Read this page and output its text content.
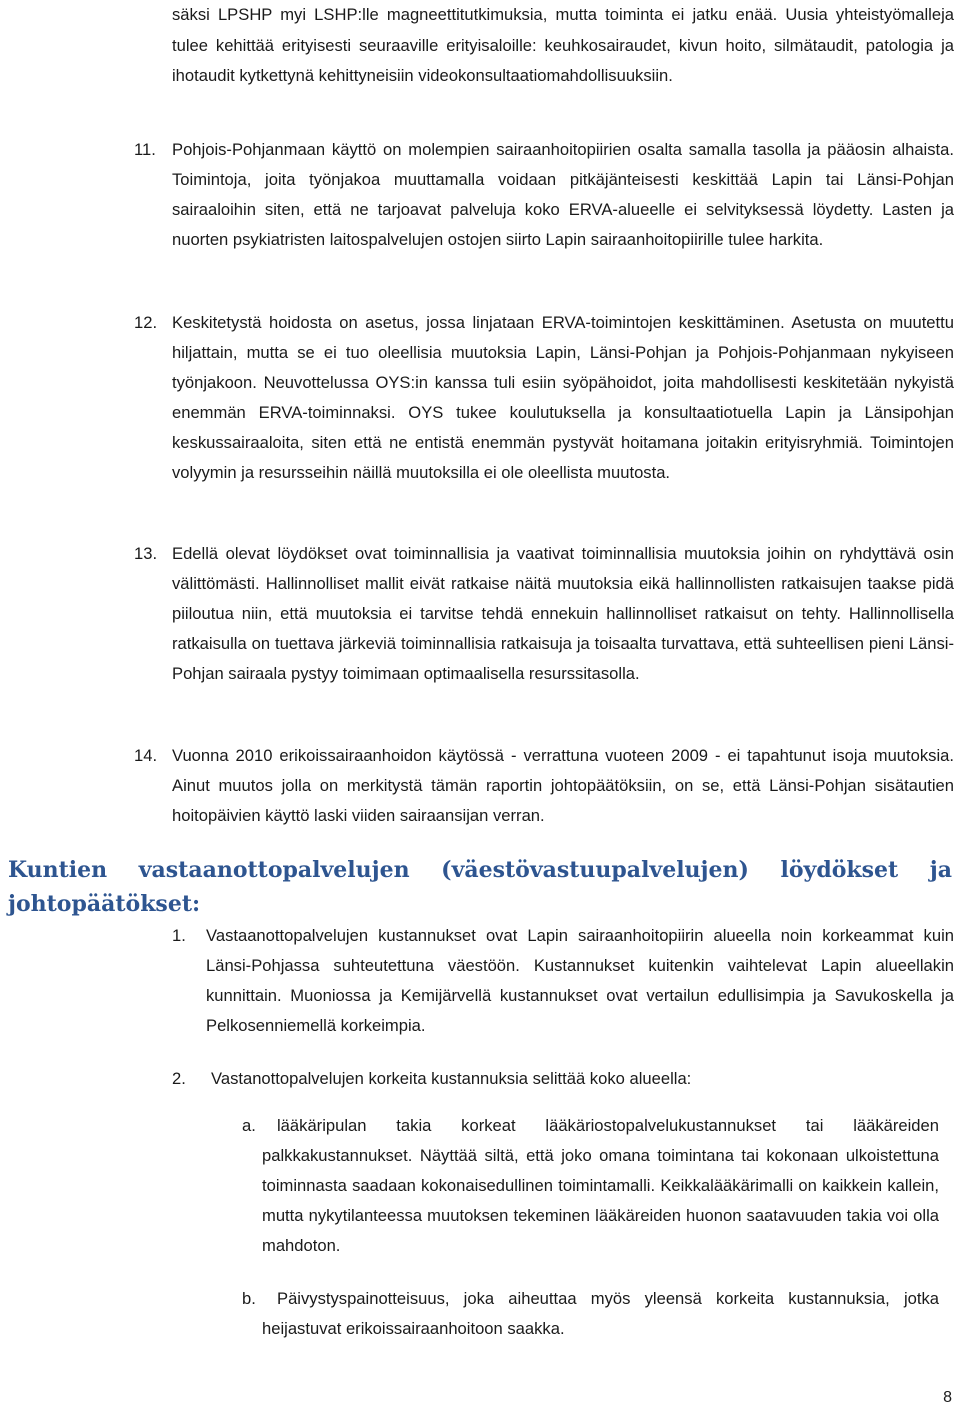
säksi LPSHP myi LSHP:lle magneettitutkimuksia, mutta toiminta ei jatku enää. Uusia yhteistyömalleja tulee kehittää erityisesti seuraaville erityisaloille: keuhkosairaudet, kivun hoito, silmätaudit, patologia ja ihotaudit kytkettynä kehittyneisiin videokonsultaatiomahdollisuuksiin.

11. Pohjois-Pohjanmaan käyttö on molempien sairaanhoitopiirien osalta samalla tasolla ja pääosin alhaista. Toimintoja, joita työnjakoa muuttamalla voidaan pitkäjänteisesti keskittää Lapin tai Länsi-Pohjan sairaaloihin siten, että ne tarjoavat palveluja koko ERVA-alueelle ei selvityksessä löydetty. Lasten ja nuorten psykiatristen laitospalvelujen ostojen siirto Lapin sairaanhoitopiirille tulee harkita.

12. Keskitetystä hoidosta on asetus, jossa linjataan ERVA-toimintojen keskittäminen. Asetusta on muutettu hiljattain, mutta se ei tuo oleellisia muutoksia Lapin, Länsi-Pohjan ja Pohjois-Pohjanmaan nykyiseen työnjakoon. Neuvottelussa OYS:in kanssa tuli esiin syöpähoidot, joita mahdollisesti keskitetään nykyistä enemmän ERVA-toiminnaksi. OYS tukee koulutuksella ja konsultaatiotuella Lapin ja Länsipohjan keskussairaaloita, siten että ne entistä enemmän pystyvät hoitamana joitakin erityisryhmiä. Toimintojen volyymin ja resursseihin näillä muutoksilla ei ole oleellista muutosta.

13. Edellä olevat löydökset ovat toiminnallisia ja vaativat toiminnallisia muutoksia joihin on ryhdyttävä osin välittömästi. Hallinnolliset mallit eivät ratkaise näitä muutoksia eikä hallinnollisten ratkaisujen taakse pidä piiloutua niin, että muutoksia ei tarvitse tehdä ennekuin hallinnolliset ratkaisut on tehty. Hallinnollisella ratkaisulla on tuettava järkeviä toiminnallisia ratkaisuja ja toisaalta turvattava, että suhteellisen pieni Länsi-Pohjan sairaala pystyy toimimaan optimaalisella resurssitasolla.

14. Vuonna 2010 erikoissairaanhoidon käytössä - verrattuna vuoteen 2009 - ei tapahtunut isoja muutoksia. Ainut muutos jolla on merkitystä tämän raportin johtopäätöksiin, on se, että Länsi-Pohjan sisätautien hoitopäivien käyttö laski viiden sairaansijan verran.

Kuntien vastaanottopalvelujen (väestövastuupalvelujen) löydökset ja johtopäätökset:
1. Vastaanottopalvelujen kustannukset ovat Lapin sairaanhoitopiirin alueella noin korkeammat kuin Länsi-Pohjassa suhteutettuna väestöön. Kustannukset kuitenkin vaihtelevat Lapin alueellakin kunnittain. Muoniossa ja Kemijärvellä kustannukset ovat vertailun edullisimpia ja Savukoskella ja Pelkosenniemellä korkeimpia.

2. Vastanottopalvelujen korkeita kustannuksia selittää koko alueella:

a.	lääkäripulan takia korkeat lääkäriostopalvelukustannukset tai lääkäreiden palkkakustannukset. Näyttää siltä, että joko omana toimintana tai kokonaan ulkoistettuna toiminnasta saadaan kokonaisedullinen toimintamalli. Keikkalääkärimalli on kaikkein kallein, mutta nykytilanteessa muutoksen tekeminen lääkäreiden huonon saatavuuden takia voi olla mahdoton.

b.	Päivystyspainotteisuus, joka aiheuttaa myös yleensä korkeita kustannuksia, jotka heijastuvat erikoissairaanhoitoon saakka.

8
